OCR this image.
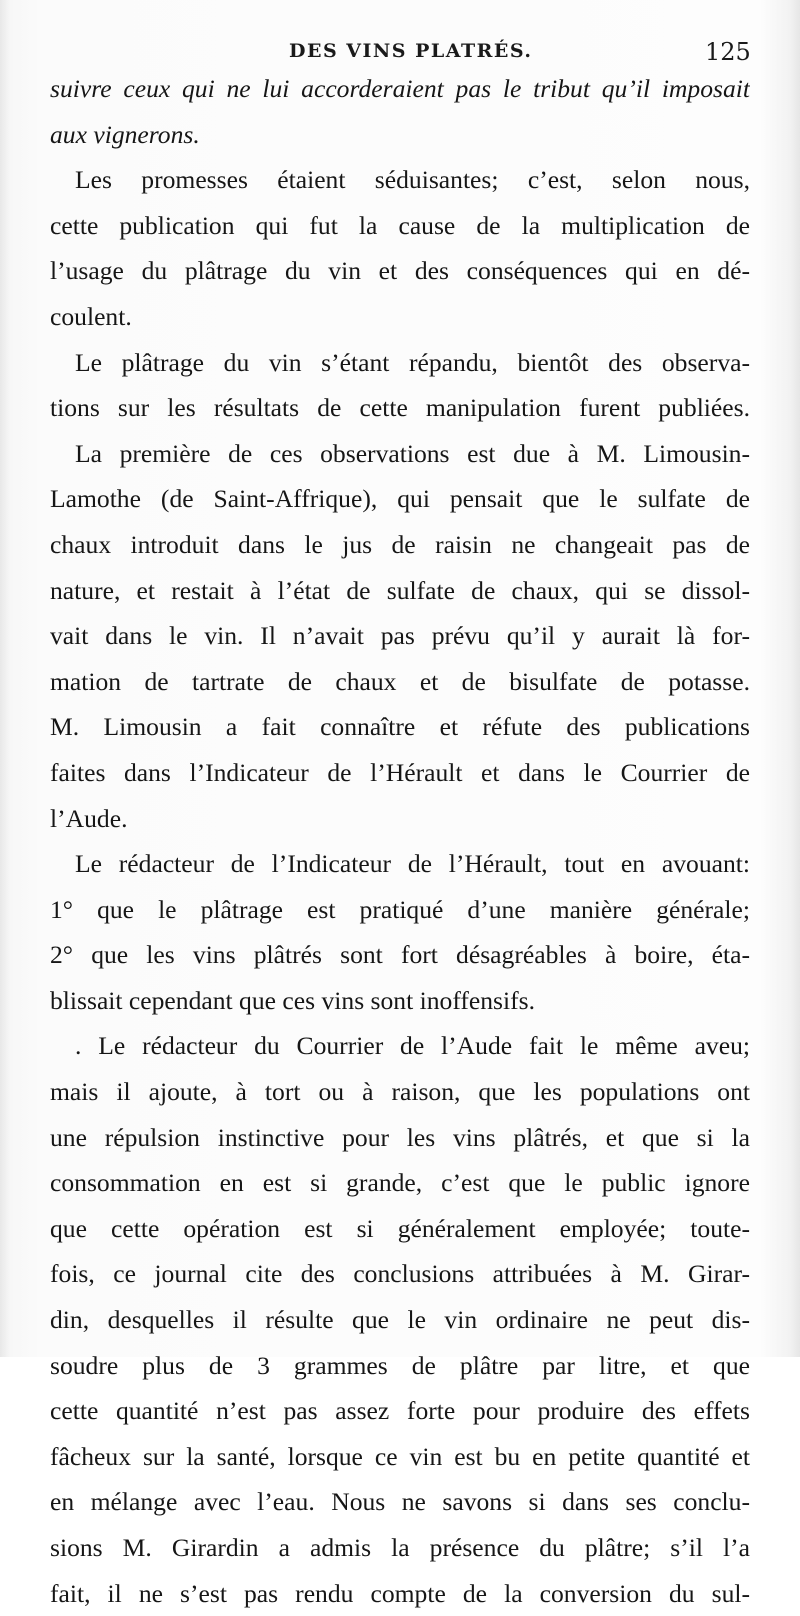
DES VINS PLATRÉS.	125
suivre ceux qui ne lui accorderaient pas le tribut qu’il imposait
aux vignerons.
Les promesses étaient séduisantes; c’est, selon nous,
cette publication qui fut la cause de la multiplication de
l’usage du plâtrage du vin et des conséquences qui en dé-
coulent.
Le plâtrage du vin s’étant répandu, bientôt des observa-
tions sur les résultats de cette manipulation furent publiées.
La première de ces observations est due à M. Limousin-
Lamothe (de Saint-Affrique), qui pensait que le sulfate de
chaux introduit dans le jus de raisin ne changeait pas de
nature, et restait à l’état de sulfate de chaux, qui se dissol-
vait dans le vin. Il n’avait pas prévu qu’il y aurait là for-
mation de tartrate de chaux et de bisulfate de potasse.
M. Limousin a fait connaître et réfute des publications
faites dans l’Indicateur de l’Hérault et dans le Courrier de
l’Aude.
Le rédacteur de l’Indicateur de l’Hérault, tout en avouant:
1° que le plâtrage est pratiqué d’une manière générale;
2° que les vins plâtrés sont fort désagréables à boire, éta-
blissait cependant que ces vins sont inoffensifs.
. Le rédacteur du Courrier de l’Aude fait le même aveu;
mais il ajoute, à tort ou à raison, que les populations ont
une répulsion instinctive pour les vins plâtrés, et que si la
consommation en est si grande, c’est que le public ignore
que cette opération est si généralement employée; toute-
fois, ce journal cite des conclusions attribuées à M. Girar-
din, desquelles il résulte que le vin ordinaire ne peut dis-
soudre plus de 3 grammes de plâtre par litre, et que
cette quantité n’est pas assez forte pour produire des effets
fâcheux sur la santé, lorsque ce vin est bu en petite quantité et
en mélange avec l’eau. Nous ne savons si dans ses conclu-
sions M. Girardin a admis la présence du plâtre; s’il l’a
fait, il ne s’est pas rendu compte de la conversion du sul-
